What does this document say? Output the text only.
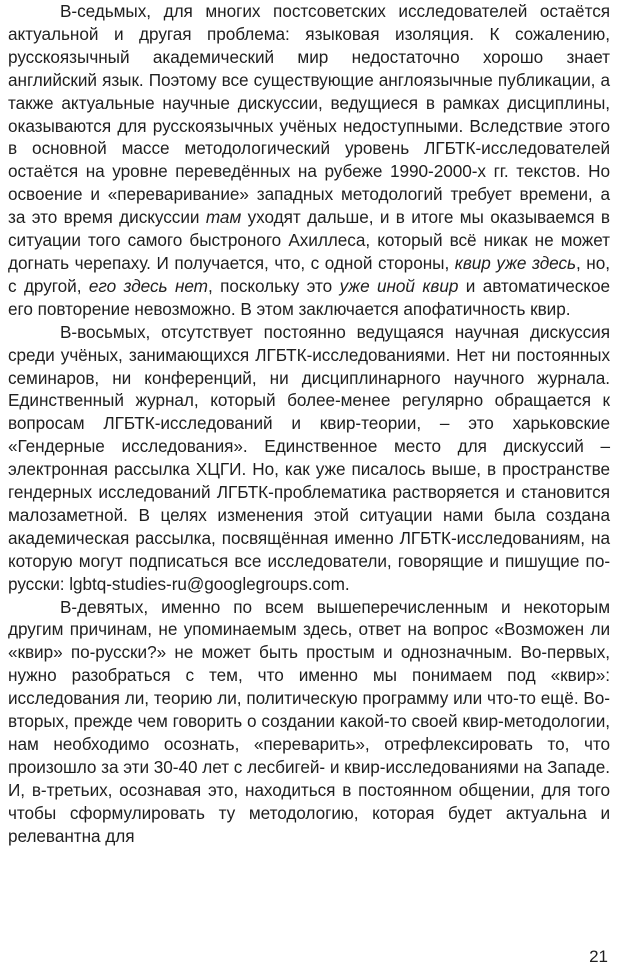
В-седьмых, для многих постсоветских исследователей остаётся актуальной и другая проблема: языковая изоляция. К сожалению, русскоязычный академический мир недостаточно хорошо знает английский язык. Поэтому все существующие англоязычные публикации, а также актуальные научные дискуссии, ведущиеся в рамках дисциплины, оказываются для русскоязычных учёных недоступными. Вследствие этого в основной массе методологический уровень ЛГБТК-исследователей остаётся на уровне переведённых на рубеже 1990-2000-х гг. текстов. Но освоение и «переваривание» западных методологий требует времени, а за это время дискуссии там уходят дальше, и в итоге мы оказываемся в ситуации того самого быстроного Ахиллеса, который всё никак не может догнать черепаху. И получается, что, с одной стороны, квир уже здесь, но, с другой, его здесь нет, поскольку это уже иной квир и автоматическое его повторение невозможно. В этом заключается апофатичность квир.

В-восьмых, отсутствует постоянно ведущаяся научная дискуссия среди учёных, занимающихся ЛГБТК-исследованиями. Нет ни постоянных семинаров, ни конференций, ни дисциплинарного научного журнала. Единственный журнал, который более-менее регулярно обращается к вопросам ЛГБТК-исследований и квир-теории, – это харьковские «Гендерные исследования». Единственное место для дискуссий – электронная рассылка ХЦГИ. Но, как уже писалось выше, в пространстве гендерных исследований ЛГБТК-проблематика растворяется и становится малозаметной. В целях изменения этой ситуации нами была создана академическая рассылка, посвящённая именно ЛГБТК-исследованиям, на которую могут подписаться все исследователи, говорящие и пишущие по-русски: lgbtq-studies-ru@googlegroups.com.

В-девятых, именно по всем вышеперечисленным и некоторым другим причинам, не упоминаемым здесь, ответ на вопрос «Возможен ли «квир» по-русски?» не может быть простым и однозначным. Во-первых, нужно разобраться с тем, что именно мы понимаем под «квир»: исследования ли, теорию ли, политическую программу или что-то ещё. Во-вторых, прежде чем говорить о создании какой-то своей квир-методологии, нам необходимо осознать, «переварить», отрефлексировать то, что произошло за эти 30-40 лет с лесбигей- и квир-исследованиями на Западе. И, в-третьих, осознавая это, находиться в постоянном общении, для того чтобы сформулировать ту методологию, которая будет актуальна и релевантна для

21
